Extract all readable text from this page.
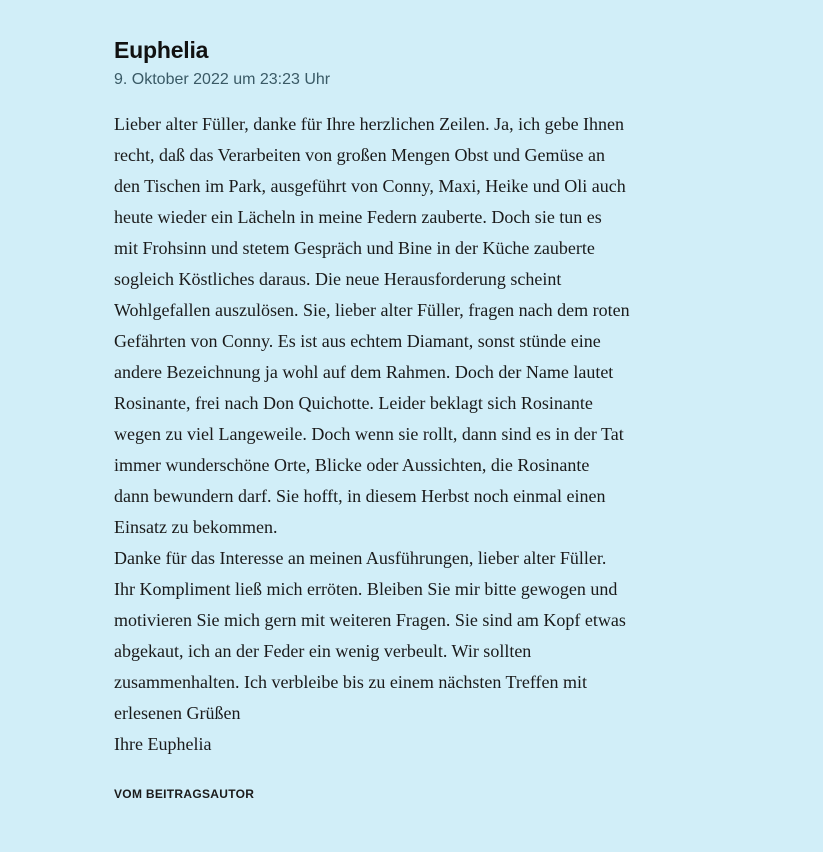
Euphelia
9. Oktober 2022 um 23:23 Uhr
Lieber alter Füller, danke für Ihre herzlichen Zeilen. Ja, ich gebe Ihnen
recht, daß das Verarbeiten von großen Mengen Obst und Gemüse an
den Tischen im Park, ausgeführt von Conny, Maxi, Heike und Oli auch
heute wieder ein Lächeln in meine Federn zauberte. Doch sie tun es
mit Frohsinn und stetem Gespräch und Bine in der Küche zauberte
sogleich Köstliches daraus. Die neue Herausforderung scheint
Wohlgefallen auszulösen. Sie, lieber alter Füller, fragen nach dem roten
Gefährten von Conny. Es ist aus echtem Diamant, sonst stünde eine
andere Bezeichnung ja wohl auf dem Rahmen. Doch der Name lautet
Rosinante, frei nach Don Quichotte. Leider beklagt sich Rosinante
wegen zu viel Langeweile. Doch wenn sie rollt, dann sind es in der Tat
immer wunderschöne Orte, Blicke oder Aussichten, die Rosinante
dann bewundern darf. Sie hofft, in diesem Herbst noch einmal einen
Einsatz zu bekommen.
Danke für das Interesse an meinen Ausführungen, lieber alter Füller.
Ihr Kompliment ließ mich erröten. Bleiben Sie mir bitte gewogen und
motivieren Sie mich gern mit weiteren Fragen. Sie sind am Kopf etwas
abgekaut, ich an der Feder ein wenig verbeult. Wir sollten
zusammenhalten. Ich verbleibe bis zu einem nächsten Treffen mit
erlesenen Grüßen
Ihre Euphelia
VOM BEITRAGSAUTOR
